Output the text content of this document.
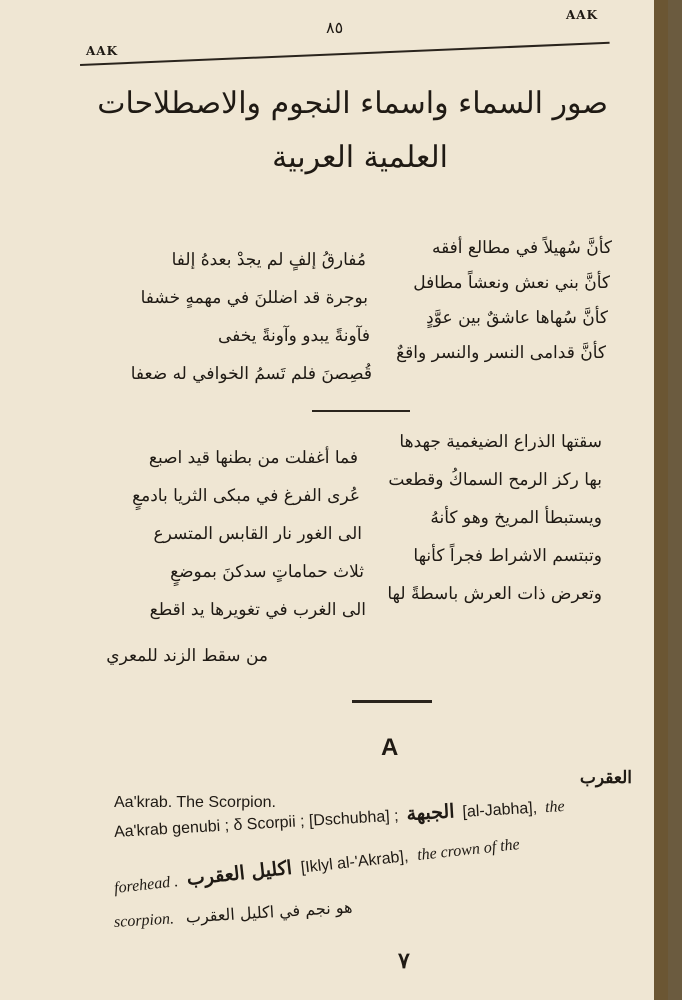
AAK
٨٥
AAK
صور السماء واسماء النجوم والاصطلاحات
العلمية العربية
كأنَّ سُهيلاً في مطالع أفقه
كأنَّ بني نعش ونعشاً مطافل
كأنَّ سُهاها عاشقٌ بين عوَّدٍ
كأنَّ قدامى النسر والنسر واقعٌ
مُفارقُ إلفٍ لم يجدْ بعدهُ إلفا
بوجرة قد اضللنَ في مهمهٍ خشفا
فآونةً يبدو وآونةً يخفى
قُصِصنَ فلم تَسمُ الخوافي له ضعفا
سقتها الذراع الضيغمية جهدها
بها ركز الرمح السماكُ وقطعت
ويستبطأ المريخ وهو كأنهُ
وتبتسم الاشراط فجراً كأنها
وتعرض ذات العرش باسطةً لها
فما أغفلت من بطنها قيد اصبع
عُرى الفرغ في مبكى الثريا بادمعٍ
الى الغور نار القابس المتسرع
ثلاث حماماتٍ سدكنَ بموضعٍ
الى الغرب في تغويرها يد اقطع
من سقط الزند للمعري
A
العقرب
Aa'krab. The Scorpion.
Aa'krab genubi ; δ Scorpii ; [Dschubha] ; الجبهة [al-Jabha], the
forehead . اكليل العقرب [Iklyl al-'Akrab], the crown of the
scorpion. هو نجم في اكليل العقرب
٧
